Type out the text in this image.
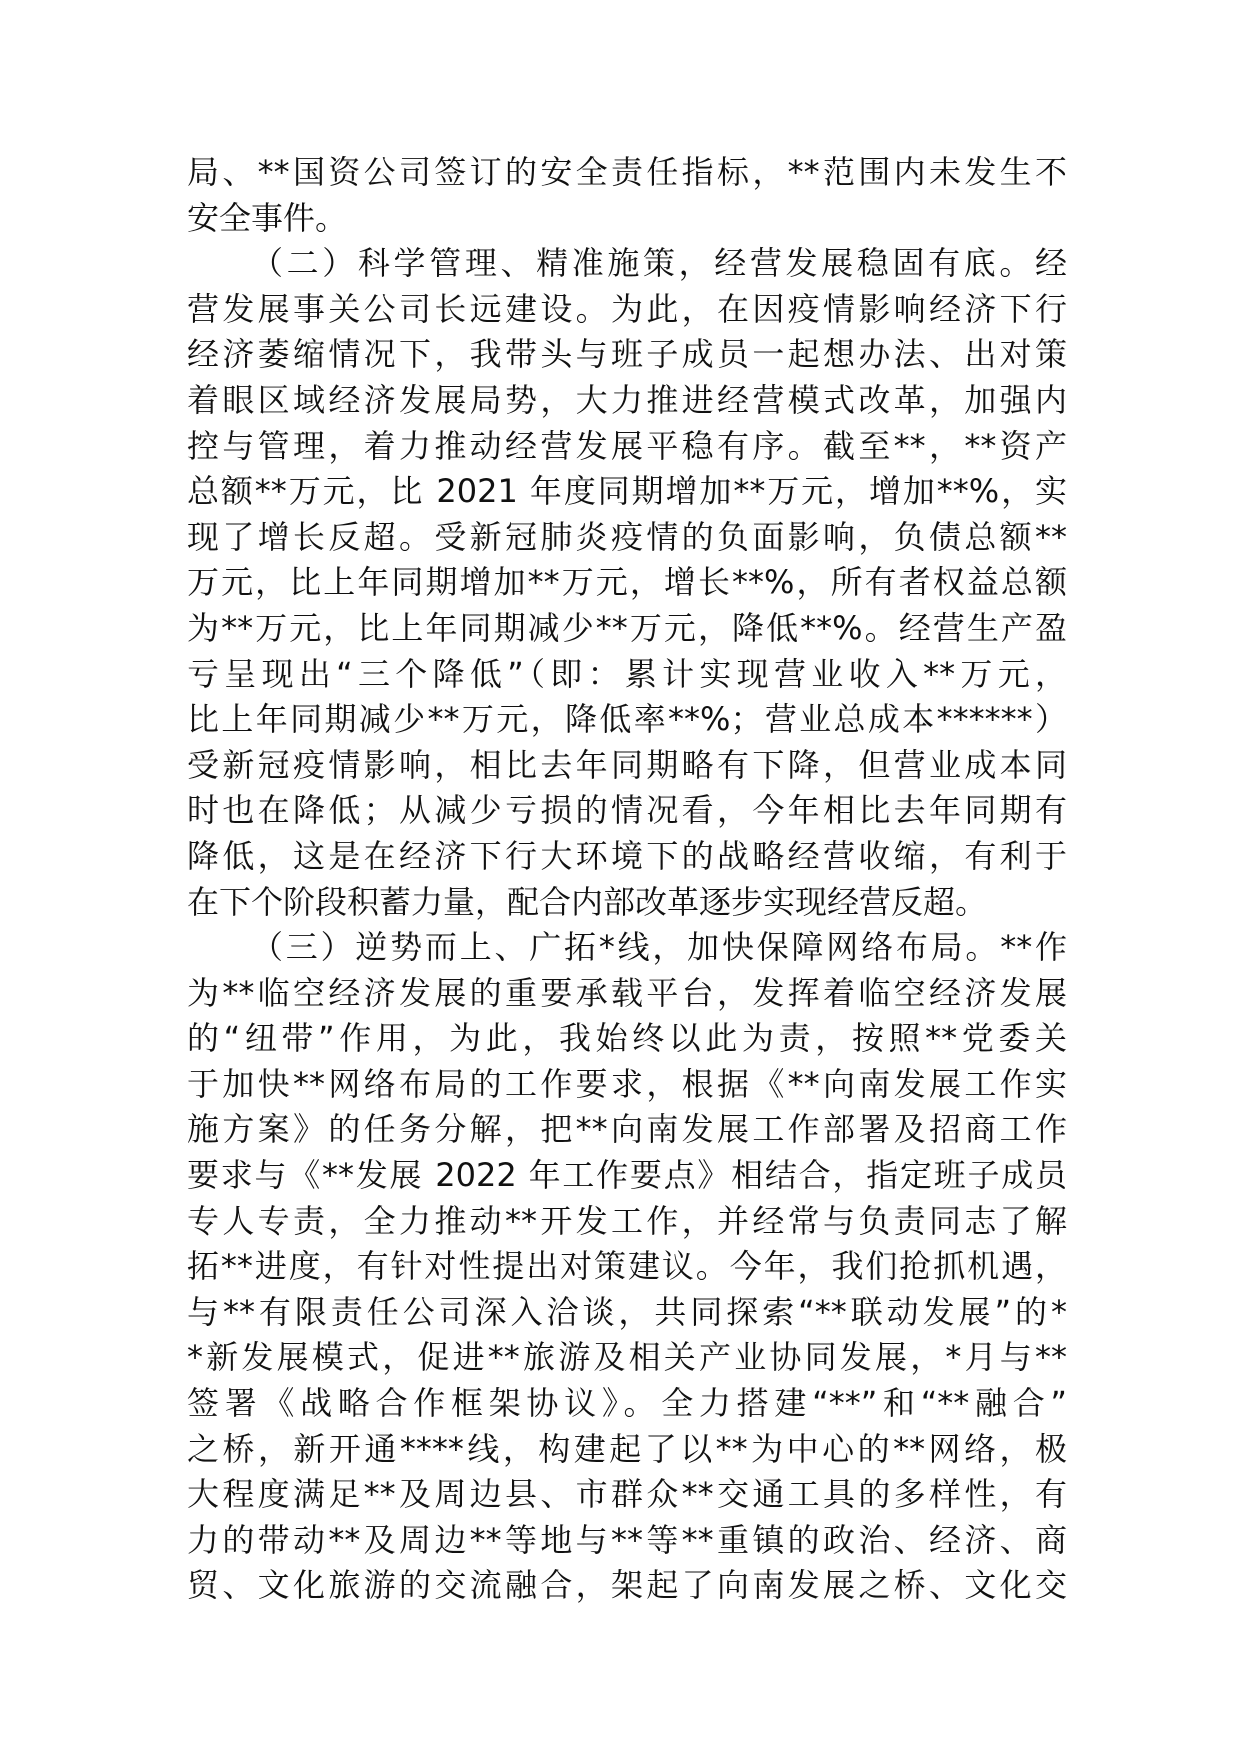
局、**国资公司签订的安全责任指标，**范围内未发生不
安全事件。
（二）科学管理、精准施策，经营发展稳固有底。经
营发展事关公司长远建设。为此，在因疫情影响经济下行
经济萎缩情况下，我带头与班子成员一起想办法、出对策
着眼区域经济发展局势，大力推进经营模式改革，加强内
控与管理，着力推动经营发展平稳有序。截至**，**资产
总额**万元，比 2021 年度同期增加**万元，增加**%，实
现了增长反超。受新冠肺炎疫情的负面影响，负债总额**
万元，比上年同期增加**万元，增长**%，所有者权益总额
为**万元，比上年同期减少**万元，降低**%。经营生产盈
亏呈现出“三个降低”（即：累计实现营业收入**万元，
比上年同期减少**万元，降低率**%；营业总成本******）
受新冠疫情影响，相比去年同期略有下降，但营业成本同
时也在降低；从减少亏损的情况看，今年相比去年同期有
降低，这是在经济下行大环境下的战略经营收缩，有利于
在下个阶段积蓄力量，配合内部改革逐步实现经营反超。
（三）逆势而上、广拓*线，加快保障网络布局。**作
为**临空经济发展的重要承载平台，发挥着临空经济发展
的“纽带”作用，为此，我始终以此为责，按照**党委关
于加快**网络布局的工作要求，根据《**向南发展工作实
施方案》的任务分解，把**向南发展工作部署及招商工作
要求与《**发展 2022 年工作要点》相结合，指定班子成员
专人专责，全力推动**开发工作，并经常与负责同志了解
拓**进度，有针对性提出对策建议。今年，我们抢抓机遇，
与**有限责任公司深入洽谈，共同探索“**联动发展”的*
*新发展模式，促进**旅游及相关产业协同发展，*月与**
签署《战略合作框架协议》。全力搭建“**”和“**融合”
之桥，新开通****线，构建起了以**为中心的**网络，极
大程度满足**及周边县、市群众**交通工具的多样性，有
力的带动**及周边**等地与**等**重镇的政治、经济、商
贸、文化旅游的交流融合，架起了向南发展之桥、文化交
